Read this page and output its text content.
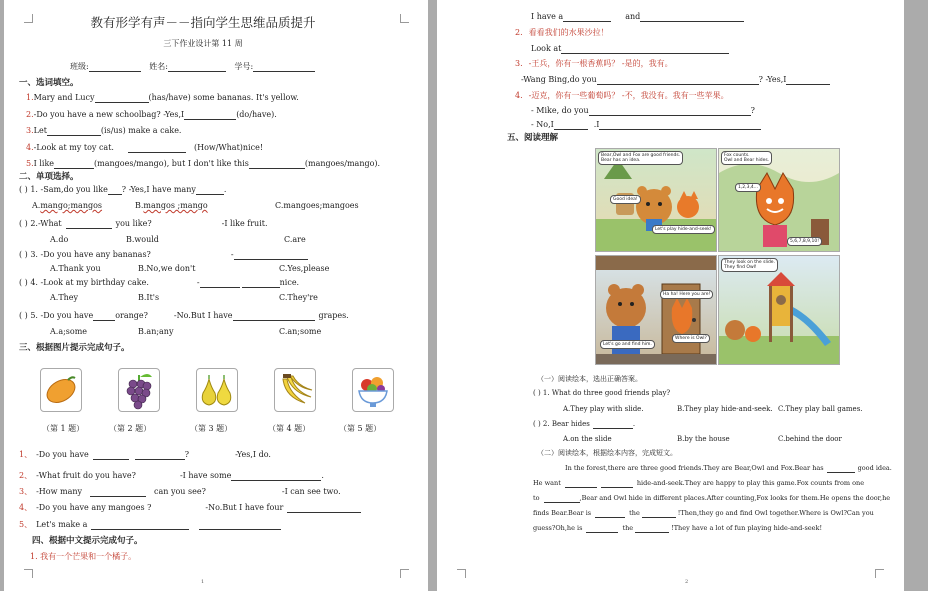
教有形学有声－－指向学生思维品质提升
三下作业设计第 11 周
班级:	姓名:	学号:
一、选词填空。
1.Mary and Lucy	(has/have) some bananas. It's yellow.
2.-Do you have a new schoolbag? -Yes,I	(do/have).
3.Let	(is/us) make a cake.
4.-Look at my toy cat.	(How/What)nice!
5.I like	(mangoes/mango), but I don't like this	(mangoes/mango).
二、单项选择。
( ) 1. -Sam,do you like ? -Yes,I have many	.
A.mango;mangos	B.mangos ;mango	C.mangoes;mangoes
( ) 2.-What	you like?	-I like fruit.
A.do	B.would	C.are
( ) 3. -Do you have any bananas?	-
A.Thank you	B.No,we don't	C.Yes,please
( ) 4. -Look at my birthday cake.	-	nice.
A.They	B.It's	C.They're
( ) 5. -Do you have	orange?	-No.But I have	grapes.
A.a;some	B.an;any	C.an;some
三、根据图片提示完成句子。
（第 1 题）	（第 2 题）	（第 3 题）	（第 4 题）	（第 5 题）
1、 -Do you have	?	-Yes,I do.
2、 -What fruit do you have?	-I have some	.
3、 -How many	can you see?	-I can see two.
4、 -Do you have any mangoes ?	-No.But I have four
5、 Let's make a
四、根据中文提示完成句子。
1. 我有一个芒果和一个橘子。
1
I have a	and
2. 看看我们的水果沙拉！
Look at
3. -王兵，你有一根香蕉吗？ -是的，我有。
-Wang Bing,do you	? -Yes,I
4. -迈克，你有一些葡萄吗？ -不，我没有。我有一些苹果。
- Mike, do you	?
- No,I	.I
五、阅读理解
Bear,Owl and Fox are good friends.
Bear has an idea.
Good idea!
Let's play hide-and-seek!
Fox counts.
Owl and Bear hides.
1,2,3,4...
5,6,7,8,9,10!
Ha ha! Here you are!
Let's go and find him.
Where is Owl?
They look on the slide.
They find Owl!
（一）阅读绘本，选出正确答案。
( ) 1. What do three good friends play?
A.They play with slide.	B.They play hide-and-seek. C.They play ball games.
( ) 2. Bear hides	.
A.on the slide	B.by the house	C.behind the door
（二）阅读绘本，根据绘本内容，完成短文。
In the forest,there are three good friends.They are Bear,Owl and Fox.Bear has	good idea.
He want	hide-and-seek.They are happy to play this game.Fox counts from one
to	,Bear and Owl hide in different places.After counting,Fox looks for them.He opens the door,he
finds Bear.Bear is	the	!Then,they go and find Owl together.Where is Owl?Can you
guess?Oh,he is	the	!They have a lot of fun playing hide-and-seek!
2
